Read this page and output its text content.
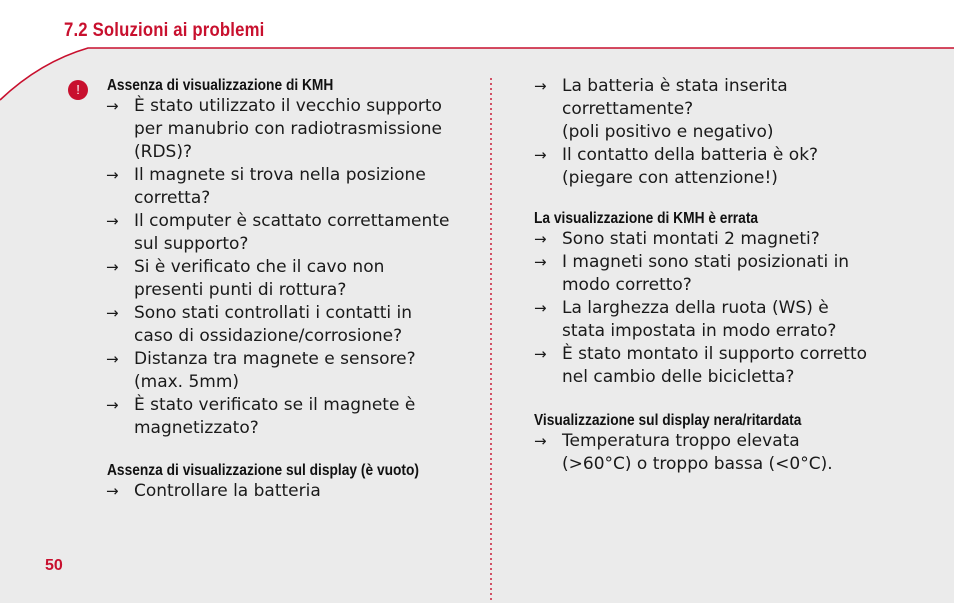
7.2 Soluzioni ai problemi
!	Assenza di visualizzazione di KMH
→ È stato utilizzato il vecchio supporto
per manubrio con radiotrasmissione
(RDS)?
→ Il magnete si trova nella posizione
corretta?
→ Il computer è scattato correttamente
sul supporto?
→ Si è verificato che il cavo non
presenti punti di rottura?
→ Sono stati controllati i contatti in
caso di ossidazione/corrosione?
→ Distanza tra magnete e sensore?
(max. 5mm)
→ È stato verificato se il magnete è
magnetizzato?
Assenza di visualizzazione sul display (è vuoto)
→ Controllare la batteria
→ La batteria è stata inserita
correttamente?
(poli positivo e negativo)
→ Il contatto della batteria è ok?
(piegare con attenzione!)
La visualizzazione di KMH è errata
→ Sono stati montati 2 magneti?
→ I magneti sono stati posizionati in
modo corretto?
→ La larghezza della ruota (WS) è
stata impostata in modo errato?
→ È stato montato il supporto corretto
nel cambio delle bicicletta?
Visualizzazione sul display nera/ritardata
→ Temperatura troppo elevata
(>60°C) o troppo bassa (<0°C).
50
